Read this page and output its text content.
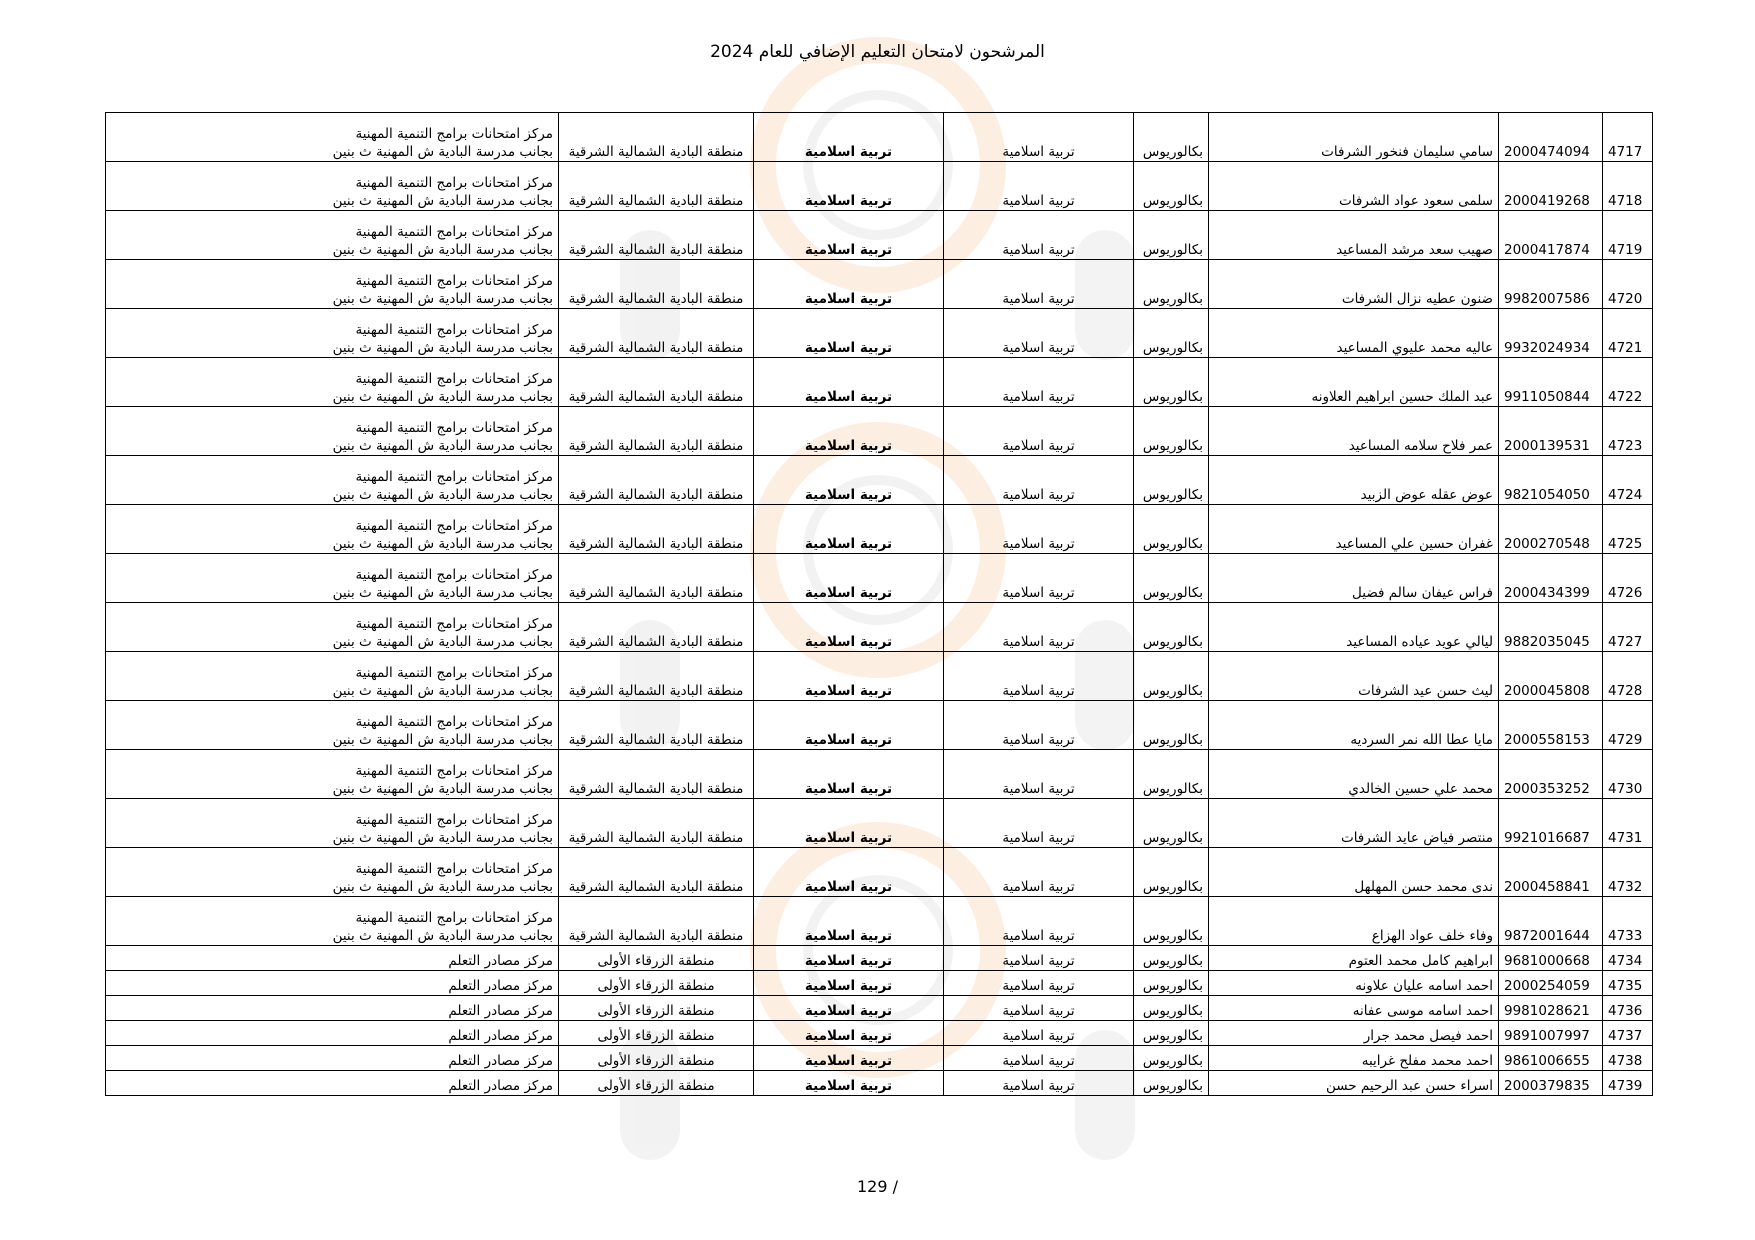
المرشحون لامتحان التعليم الإضافي للعام 2024
4717	2000474094	سامي سليمان فنخور الشرفات	بكالوريوس	تربية اسلامية	تربية اسلامية	منطقة البادية الشمالية الشرقية	مركز امتحانات برامج التنمية المهنية
بجانب مدرسة البادية ش المهنية ث بنين

4718	2000419268	سلمى سعود عواد الشرفات	بكالوريوس	تربية اسلامية	تربية اسلامية	منطقة البادية الشمالية الشرقية	مركز امتحانات برامج التنمية المهنية
بجانب مدرسة البادية ش المهنية ث بنين

4719	2000417874	صهيب سعد مرشد المساعيد	بكالوريوس	تربية اسلامية	تربية اسلامية	منطقة البادية الشمالية الشرقية	مركز امتحانات برامج التنمية المهنية
بجانب مدرسة البادية ش المهنية ث بنين

4720	9982007586	ضنون عطيه نزال الشرفات	بكالوريوس	تربية اسلامية	تربية اسلامية	منطقة البادية الشمالية الشرقية	مركز امتحانات برامج التنمية المهنية
بجانب مدرسة البادية ش المهنية ث بنين

4721	9932024934	عاليه محمد عليوي المساعيد	بكالوريوس	تربية اسلامية	تربية اسلامية	منطقة البادية الشمالية الشرقية	مركز امتحانات برامج التنمية المهنية
بجانب مدرسة البادية ش المهنية ث بنين

4722	9911050844	عبد الملك حسين ابراهيم العلاونه	بكالوريوس	تربية اسلامية	تربية اسلامية	منطقة البادية الشمالية الشرقية	مركز امتحانات برامج التنمية المهنية
بجانب مدرسة البادية ش المهنية ث بنين

4723	2000139531	عمر فلاح سلامه المساعيد	بكالوريوس	تربية اسلامية	تربية اسلامية	منطقة البادية الشمالية الشرقية	مركز امتحانات برامج التنمية المهنية
بجانب مدرسة البادية ش المهنية ث بنين

4724	9821054050	عوض عقله عوض الزبيد	بكالوريوس	تربية اسلامية	تربية اسلامية	منطقة البادية الشمالية الشرقية	مركز امتحانات برامج التنمية المهنية
بجانب مدرسة البادية ش المهنية ث بنين

4725	2000270548	غفران حسين علي المساعيد	بكالوريوس	تربية اسلامية	تربية اسلامية	منطقة البادية الشمالية الشرقية	مركز امتحانات برامج التنمية المهنية
بجانب مدرسة البادية ش المهنية ث بنين

4726	2000434399	فراس عيفان سالم فضيل	بكالوريوس	تربية اسلامية	تربية اسلامية	منطقة البادية الشمالية الشرقية	مركز امتحانات برامج التنمية المهنية
بجانب مدرسة البادية ش المهنية ث بنين

4727	9882035045	ليالي عويد عياده المساعيد	بكالوريوس	تربية اسلامية	تربية اسلامية	منطقة البادية الشمالية الشرقية	مركز امتحانات برامج التنمية المهنية
بجانب مدرسة البادية ش المهنية ث بنين

4728	2000045808	ليث حسن عيد الشرفات	بكالوريوس	تربية اسلامية	تربية اسلامية	منطقة البادية الشمالية الشرقية	مركز امتحانات برامج التنمية المهنية
بجانب مدرسة البادية ش المهنية ث بنين

4729	2000558153	مايا عطا الله نمر السرديه	بكالوريوس	تربية اسلامية	تربية اسلامية	منطقة البادية الشمالية الشرقية	مركز امتحانات برامج التنمية المهنية
بجانب مدرسة البادية ش المهنية ث بنين

4730	2000353252	محمد علي حسين الخالدي	بكالوريوس	تربية اسلامية	تربية اسلامية	منطقة البادية الشمالية الشرقية	مركز امتحانات برامج التنمية المهنية
بجانب مدرسة البادية ش المهنية ث بنين

4731	9921016687	منتصر فياض عايد الشرفات	بكالوريوس	تربية اسلامية	تربية اسلامية	منطقة البادية الشمالية الشرقية	مركز امتحانات برامج التنمية المهنية
بجانب مدرسة البادية ش المهنية ث بنين

4732	2000458841	ندى محمد حسن المهلهل	بكالوريوس	تربية اسلامية	تربية اسلامية	منطقة البادية الشمالية الشرقية	مركز امتحانات برامج التنمية المهنية
بجانب مدرسة البادية ش المهنية ث بنين

4733	9872001644	وفاء خلف عواد الهزاع	بكالوريوس	تربية اسلامية	تربية اسلامية	منطقة البادية الشمالية الشرقية	مركز امتحانات برامج التنمية المهنية
بجانب مدرسة البادية ش المهنية ث بنين

4734	9681000668	ابراهيم كامل محمد العتوم	بكالوريوس	تربية اسلامية	تربية اسلامية	منطقة الزرقاء الأولى	مركز مصادر التعلم

4735	2000254059	احمد اسامه عليان علاونه	بكالوريوس	تربية اسلامية	تربية اسلامية	منطقة الزرقاء الأولى	مركز مصادر التعلم

4736	9981028621	احمد اسامه موسى عفانه	بكالوريوس	تربية اسلامية	تربية اسلامية	منطقة الزرقاء الأولى	مركز مصادر التعلم

4737	9891007997	احمد فيصل محمد جرار	بكالوريوس	تربية اسلامية	تربية اسلامية	منطقة الزرقاء الأولى	مركز مصادر التعلم

4738	9861006655	احمد محمد مفلح غرايبه	بكالوريوس	تربية اسلامية	تربية اسلامية	منطقة الزرقاء الأولى	مركز مصادر التعلم

4739	2000379835	اسراء حسن عبد الرحيم حسن	بكالوريوس	تربية اسلامية	تربية اسلامية	منطقة الزرقاء الأولى	مركز مصادر التعلم
129 /
